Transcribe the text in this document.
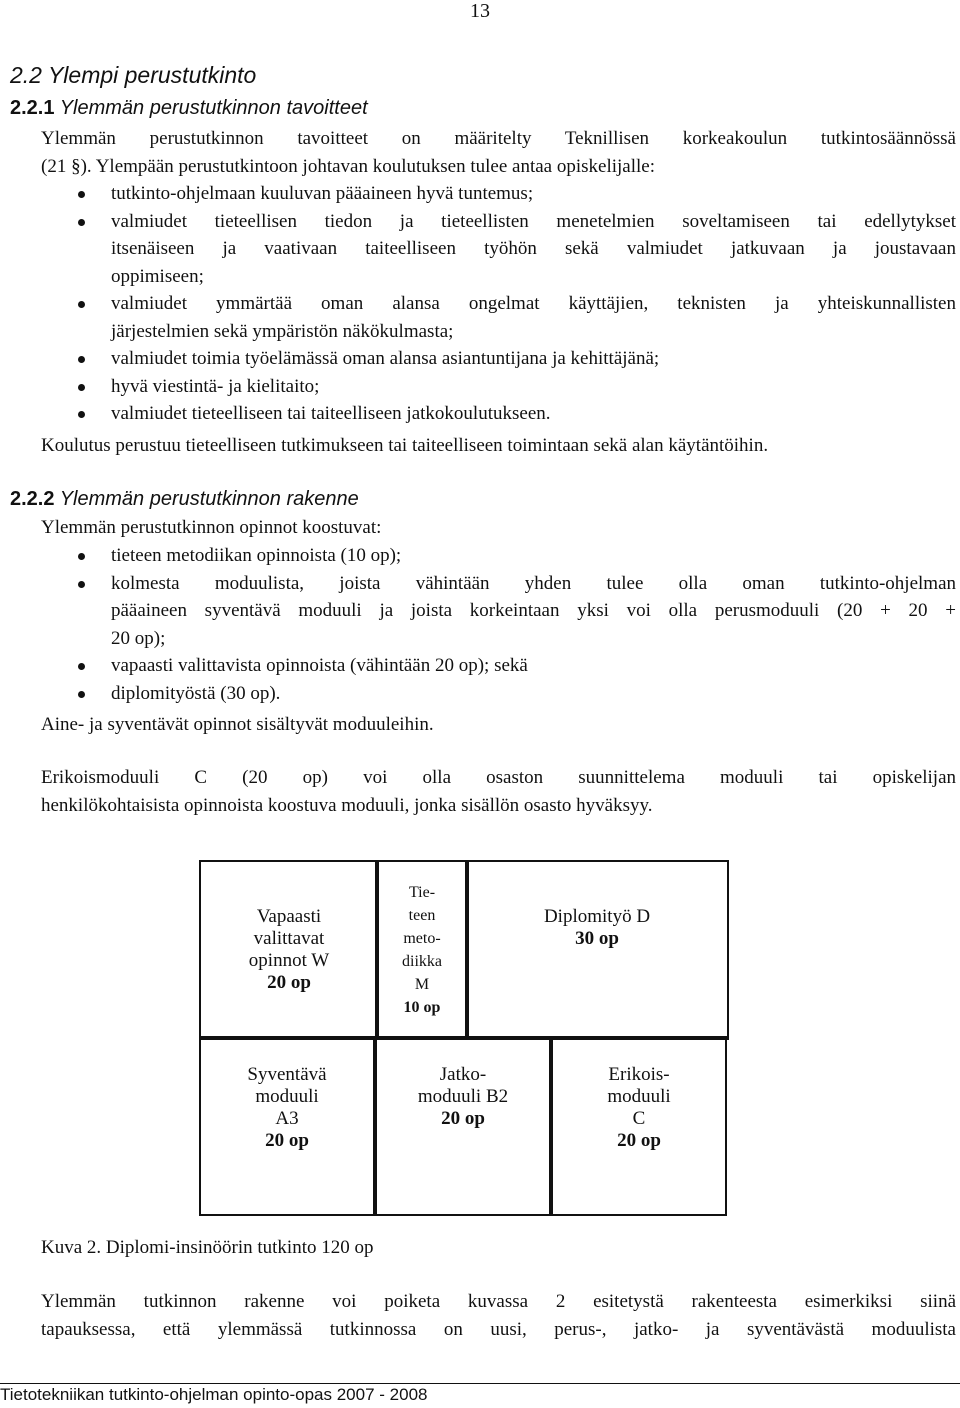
13
2.2 Ylempi perustutkinto
2.2.1 Ylemmän perustutkinnon tavoitteet
Ylemmän perustutkinnon tavoitteet on määritelty Teknillisen korkeakoulun tutkintosäännössä
(21 §). Ylempään perustutkintoon johtavan koulutuksen tulee antaa opiskelijalle:
tutkinto-ohjelmaan kuuluvan pääaineen hyvä tuntemus;
valmiudet tieteellisen tiedon ja tieteellisten menetelmien soveltamiseen tai edellytykset
itsenäiseen ja vaativaan taiteelliseen työhön sekä valmiudet jatkuvaan ja joustavaan
oppimiseen;
valmiudet ymmärtää oman alansa ongelmat käyttäjien, teknisten ja yhteiskunnallisten
järjestelmien sekä ympäristön näkökulmasta;
valmiudet toimia työelämässä oman alansa asiantuntijana ja kehittäjänä;
hyvä viestintä- ja kielitaito;
valmiudet tieteelliseen tai taiteelliseen jatkokoulutukseen.
Koulutus perustuu tieteelliseen tutkimukseen tai taiteelliseen toimintaan sekä alan käytäntöihin.
2.2.2 Ylemmän perustutkinnon rakenne
Ylemmän perustutkinnon opinnot koostuvat:
tieteen metodiikan opinnoista (10 op);
kolmesta moduulista, joista vähintään yhden tulee olla oman tutkinto-ohjelman
pääaineen syventävä moduuli ja joista korkeintaan yksi voi olla perusmoduuli (20 + 20 +
20 op);
vapaasti valittavista opinnoista (vähintään 20 op); sekä
diplomityöstä (30 op).
Aine- ja syventävät opinnot sisältyvät moduuleihin.
Erikoismoduuli C (20 op) voi olla osaston suunnittelema moduuli tai opiskelijan
henkilökohtaisista opinnoista koostuva moduuli, jonka sisällön osasto hyväksyy.
Vapaasti
valittavat
opinnot W
20 op
Tie-
teen
meto-
diikka
M
10 op
Diplomityö D
30 op
Syventävä
moduuli
A3
20 op
Jatko-
moduuli B2
20 op
Erikois-
moduuli
C
20 op
Kuva 2. Diplomi-insinöörin tutkinto 120 op
Ylemmän tutkinnon rakenne voi poiketa kuvassa 2 esitetystä rakenteesta esimerkiksi siinä
tapauksessa, että ylemmässä tutkinnossa on uusi, perus-, jatko- ja syventävästä moduulista
Tietotekniikan tutkinto-ohjelman opinto-opas 2007 - 2008
